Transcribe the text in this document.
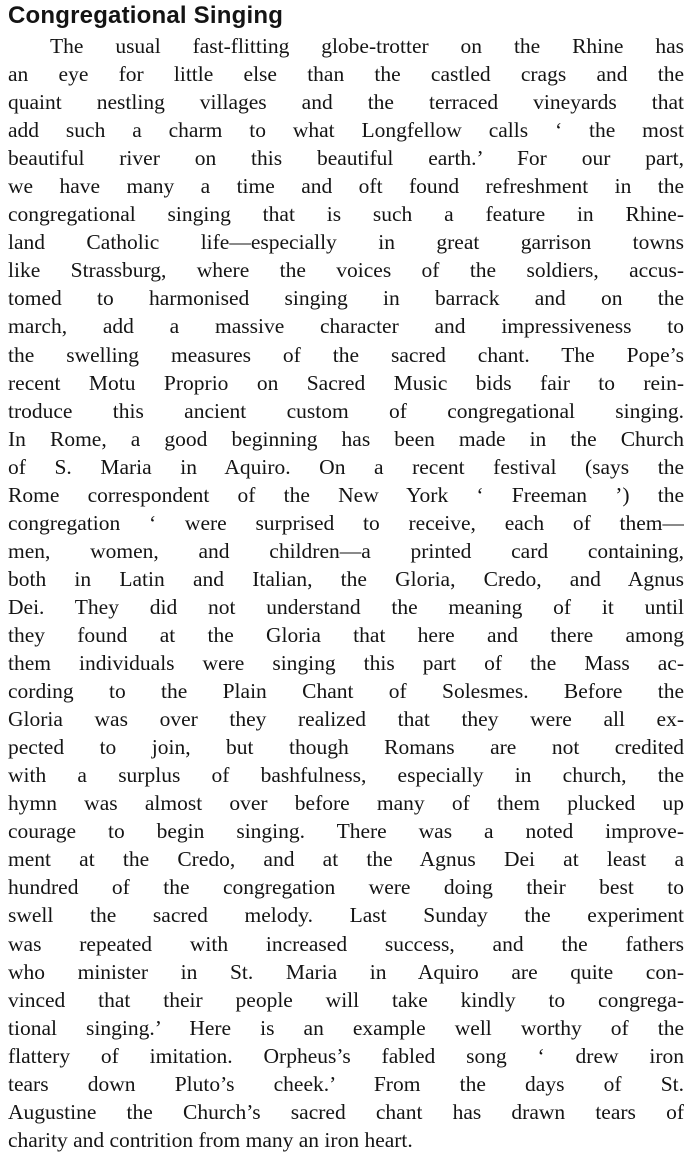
Congregational Singing
The usual fast-flitting globe-trotter on the Rhine has
an eye for little else than the castled crags and the
quaint nestling villages and the terraced vineyards that
add such a charm to what Longfellow calls ‘ the most
beautiful river on this beautiful earth.’ For our part,
we have many a time and oft found refreshment in the
congregational singing that is such a feature in Rhine-
land Catholic life—especially in great garrison towns
like Strassburg, where the voices of the soldiers, accus-
tomed to harmonised singing in barrack and on the
march, add a massive character and impressiveness to
the swelling measures of the sacred chant. The Pope’s
recent Motu Proprio on Sacred Music bids fair to rein-
troduce this ancient custom of congregational singing.
In Rome, a good beginning has been made in the Church
of S. Maria in Aquiro. On a recent festival (says the
Rome correspondent of the New York ‘ Freeman ’) the
congregation ‘ were surprised to receive, each of them—
men, women, and children—a printed card containing,
both in Latin and Italian, the Gloria, Credo, and Agnus
Dei. They did not understand the meaning of it until
they found at the Gloria that here and there among
them individuals were singing this part of the Mass ac-
cording to the Plain Chant of Solesmes. Before the
Gloria was over they realized that they were all ex-
pected to join, but though Romans are not credited
with a surplus of bashfulness, especially in church, the
hymn was almost over before many of them plucked up
courage to begin singing. There was a noted improve-
ment at the Credo, and at the Agnus Dei at least a
hundred of the congregation were doing their best to
swell the sacred melody. Last Sunday the experiment
was repeated with increased success, and the fathers
who minister in St. Maria in Aquiro are quite con-
vinced that their people will take kindly to congrega-
tional singing.’ Here is an example well worthy of the
flattery of imitation. Orpheus’s fabled song ‘ drew iron
tears down Pluto’s cheek.’ From the days of St.
Augustine the Church’s sacred chant has drawn tears of
charity and contrition from many an iron heart.
